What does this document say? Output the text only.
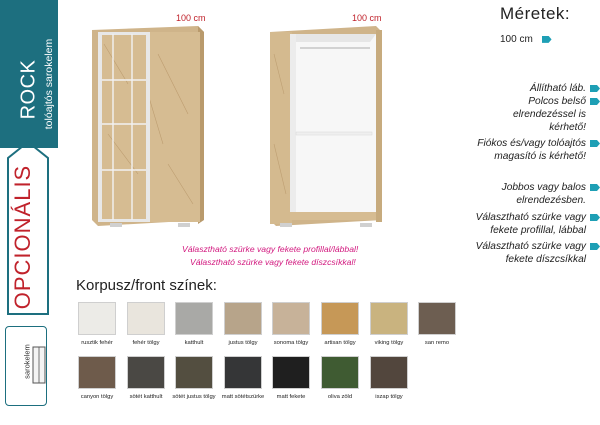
ROCK tolóajtós sarokelem
OPCIONÁLIS
sarokelem
100 cm	100 cm	Méretek:
100 cm
Állítható láb.
Polcos belső elrendezéssel is kérhető!
Fiókos és/vagy tolóajtós magasító is kérhető!
Jobbos vagy balos elrendezésben.
Választható szürke vagy fekete profillal, lábbal
Választható szürke vagy fekete díszcsíkkal
Választható szürke vagy fekete profillal/lábbal!
Választható szürke vagy fekete díszcsíkkal!
Korpusz/front színek:
rusztik fehér	fehér tölgy	katthult	justus tölgy	sonoma tölgy	artisan tölgy	viking tölgy	san remo
canyon tölgy	sötét katthult	sötét justus tölgy	matt sötétszürke	matt fekete	oliva zöld	iszap tölgy
